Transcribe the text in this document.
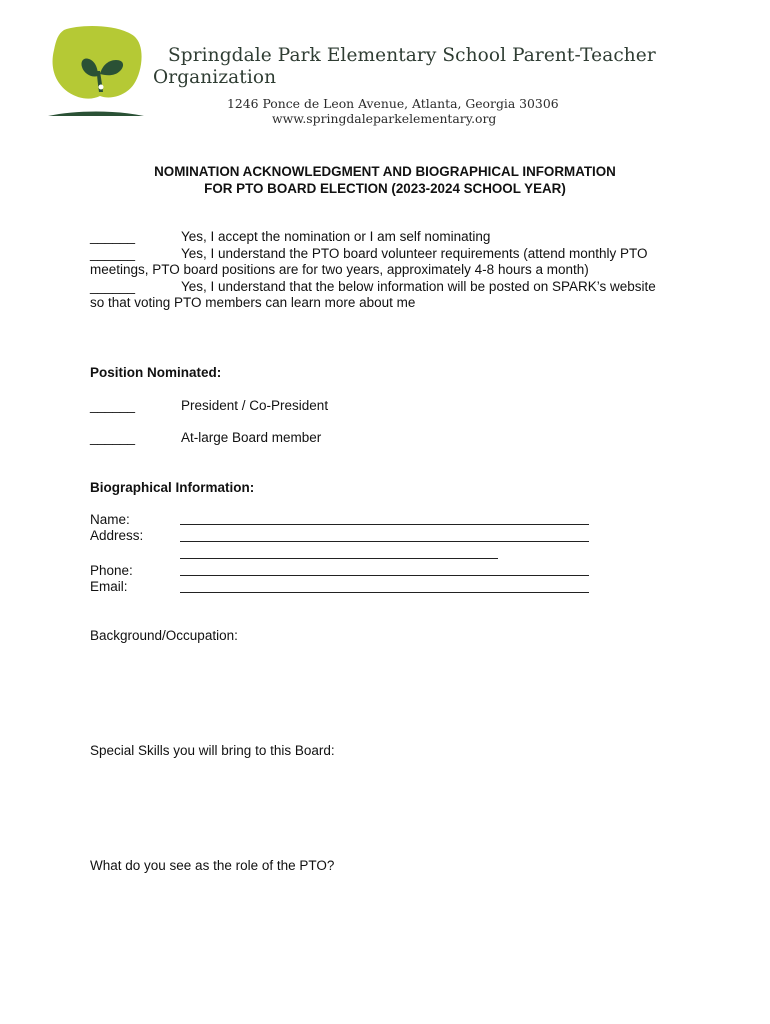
Springdale Park Elementary School Parent-Teacher
Organization
1246 Ponce de Leon Avenue, Atlanta, Georgia 30306
www.springdaleparkelementary.org
NOMINATION ACKNOWLEDGMENT AND BIOGRAPHICAL INFORMATION
FOR PTO BOARD ELECTION (2023-2024 SCHOOL YEAR)
______	Yes, I accept the nomination or I am self nominating
______	Yes, I understand the PTO board volunteer requirements (attend monthly PTO
meetings, PTO board positions are for two years, approximately 4-8 hours a month)
______	Yes, I understand that the below information will be posted on SPARK’s website
so that voting PTO members can learn more about me
Position Nominated:
______	President / Co-President
______	At-large Board member
Biographical Information:
Name:
Address:
Phone:
Email:
Background/Occupation:
Special Skills you will bring to this Board:
What do you see as the role of the PTO?
